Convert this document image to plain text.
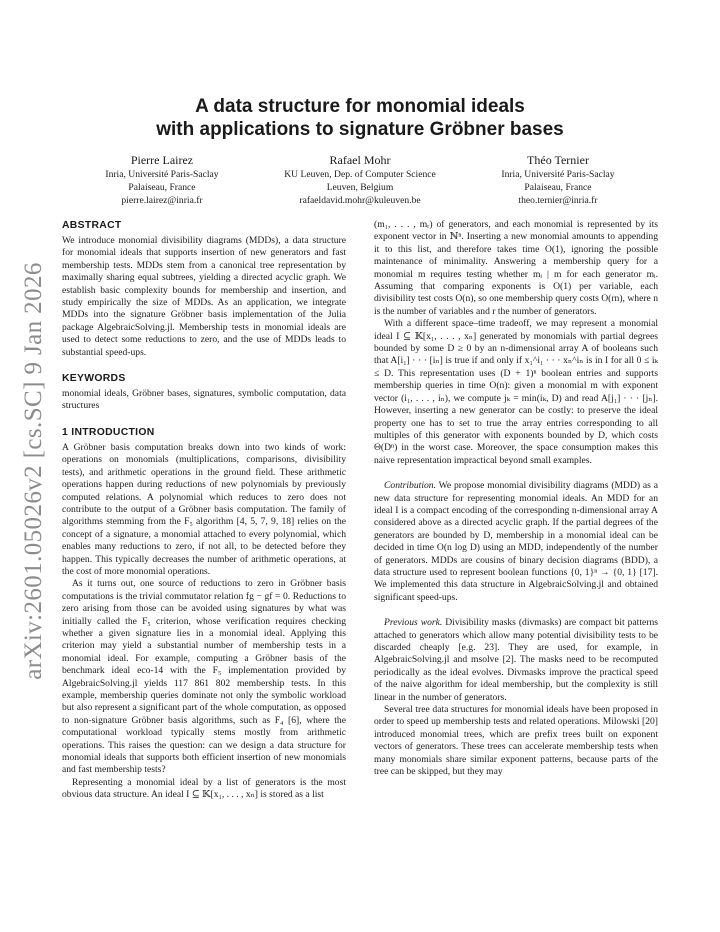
arXiv:2601.05026v2 [cs.SC] 9 Jan 2026
A data structure for monomial ideals
with applications to signature Gröbner bases
Pierre Lairez
Inria, Université Paris-Saclay
Palaiseau, France
pierre.lairez@inria.fr
Rafael Mohr
KU Leuven, Dep. of Computer Science
Leuven, Belgium
rafaeldavid.mohr@kuleuven.be
Théo Ternier
Inria, Université Paris-Saclay
Palaiseau, France
theo.ternier@inria.fr
ABSTRACT

We introduce monomial divisibility diagrams (MDDs), a data structure for monomial ideals that supports insertion of new generators and fast membership tests. MDDs stem from a canonical tree representation by maximally sharing equal subtrees, yielding a directed acyclic graph. We establish basic complexity bounds for membership and insertion, and study empirically the size of MDDs. As an application, we integrate MDDs into the signature Gröbner basis implementation of the Julia package AlgebraicSolving.jl. Membership tests in monomial ideals are used to detect some reductions to zero, and the use of MDDs leads to substantial speed-ups.

KEYWORDS

monomial ideals, Gröbner bases, signatures, symbolic computation, data structures

1 INTRODUCTION

A Gröbner basis computation breaks down into two kinds of work: operations on monomials (multiplications, comparisons, divisibility tests), and arithmetic operations in the ground field. These arithmetic operations happen during reductions of new polynomials by previously computed relations. A polynomial which reduces to zero does not contribute to the output of a Gröbner basis computation. The family of algorithms stemming from the F₅ algorithm [4, 5, 7, 9, 18] relies on the concept of a signature, a monomial attached to every polynomial, which enables many reductions to zero, if not all, to be detected before they happen. This typically decreases the number of arithmetic operations, at the cost of more monomial operations.

As it turns out, one source of reductions to zero in Gröbner basis computations is the trivial commutator relation fg − gf = 0. Reductions to zero arising from those can be avoided using signatures by what was initially called the F₅ criterion, whose verification requires checking whether a given signature lies in a monomial ideal. Applying this criterion may yield a substantial number of membership tests in a monomial ideal. For example, computing a Gröbner basis of the benchmark ideal eco-14 with the F₅ implementation provided by AlgebraicSolving.jl yields 117 861 802 membership tests. In this example, membership queries dominate not only the symbolic workload but also represent a significant part of the whole computation, as opposed to non-signature Gröbner basis algorithms, such as F₄ [6], where the computational workload typically stems mostly from arithmetic operations. This raises the question: can we design a data structure for monomial ideals that supports both efficient insertion of new monomials and fast membership tests?

Representing a monomial ideal by a list of generators is the most obvious data structure. An ideal I ⊆ 𝕂[x₁, . . . , xₙ] is stored as a list

(m₁, . . . , mᵣ) of generators, and each monomial is represented by its exponent vector in ℕⁿ. Inserting a new monomial amounts to appending it to this list, and therefore takes time O(1), ignoring the possible maintenance of minimality. Answering a membership query for a monomial m requires testing whether mᵢ | m for each generator mᵢ. Assuming that comparing exponents is O(1) per variable, each divisibility test costs O(n), so one membership query costs O(rn), where n is the number of variables and r the number of generators.

With a different space–time tradeoff, we may represent a monomial ideal I ⊆ 𝕂[x₁, . . . , xₙ] generated by monomials with partial degrees bounded by some D ≥ 0 by an n-dimensional array A of booleans such that A[i₁] · · · [iₙ] is true if and only if x₁^i₁ · · · xₙ^iₙ is in I for all 0 ≤ iₖ ≤ D. This representation uses (D + 1)ⁿ boolean entries and supports membership queries in time O(n): given a monomial m with exponent vector (i₁, . . . , iₙ), we compute jₖ = min(iₖ, D) and read A[j₁] · · · [jₙ]. However, inserting a new generator can be costly: to preserve the ideal property one has to set to true the array entries corresponding to all multiples of this generator with exponents bounded by D, which costs Θ(Dⁿ) in the worst case. Moreover, the space consumption makes this naive representation impractical beyond small examples.

Contribution. We propose monomial divisibility diagrams (MDD) as a new data structure for representing monomial ideals. An MDD for an ideal I is a compact encoding of the corresponding n-dimensional array A considered above as a directed acyclic graph. If the partial degrees of the generators are bounded by D, membership in a monomial ideal can be decided in time O(n log D) using an MDD, independently of the number of generators. MDDs are cousins of binary decision diagrams (BDD), a data structure used to represent boolean functions {0, 1}ⁿ → {0, 1} [17]. We implemented this data structure in AlgebraicSolving.jl and obtained significant speed-ups.

Previous work. Divisibility masks (divmasks) are compact bit patterns attached to generators which allow many potential divisibility tests to be discarded cheaply [e.g. 23]. They are used, for example, in AlgebraicSolving.jl and msolve [2]. The masks need to be recomputed periodically as the ideal evolves. Divmasks improve the practical speed of the naive algorithm for ideal membership, but the complexity is still linear in the number of generators.

Several tree data structures for monomial ideals have been proposed in order to speed up membership tests and related operations. Milowski [20] introduced monomial trees, which are prefix trees built on exponent vectors of generators. These trees can accelerate membership tests when many monomials share similar exponent patterns, because parts of the tree can be skipped, but they may
